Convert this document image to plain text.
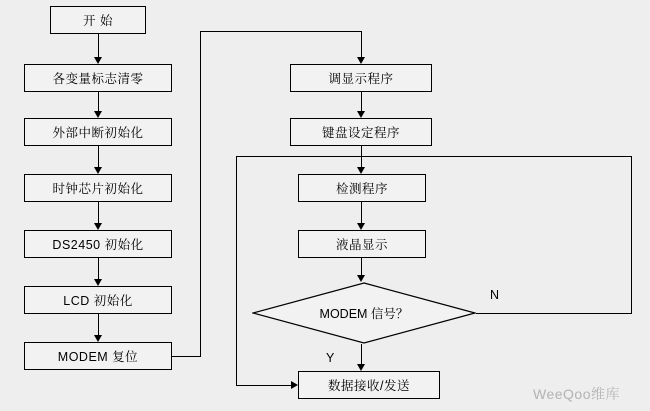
开 始
各变量标志清零
外部中断初始化
时钟芯片初始化
DS2450 初始化
LCD 初始化
MODEM 复位
调显示程序
键盘设定程序
检测程序
液晶显示
数据接收/发送
MODEM 信号？
Y
N
WeeQoo维库
